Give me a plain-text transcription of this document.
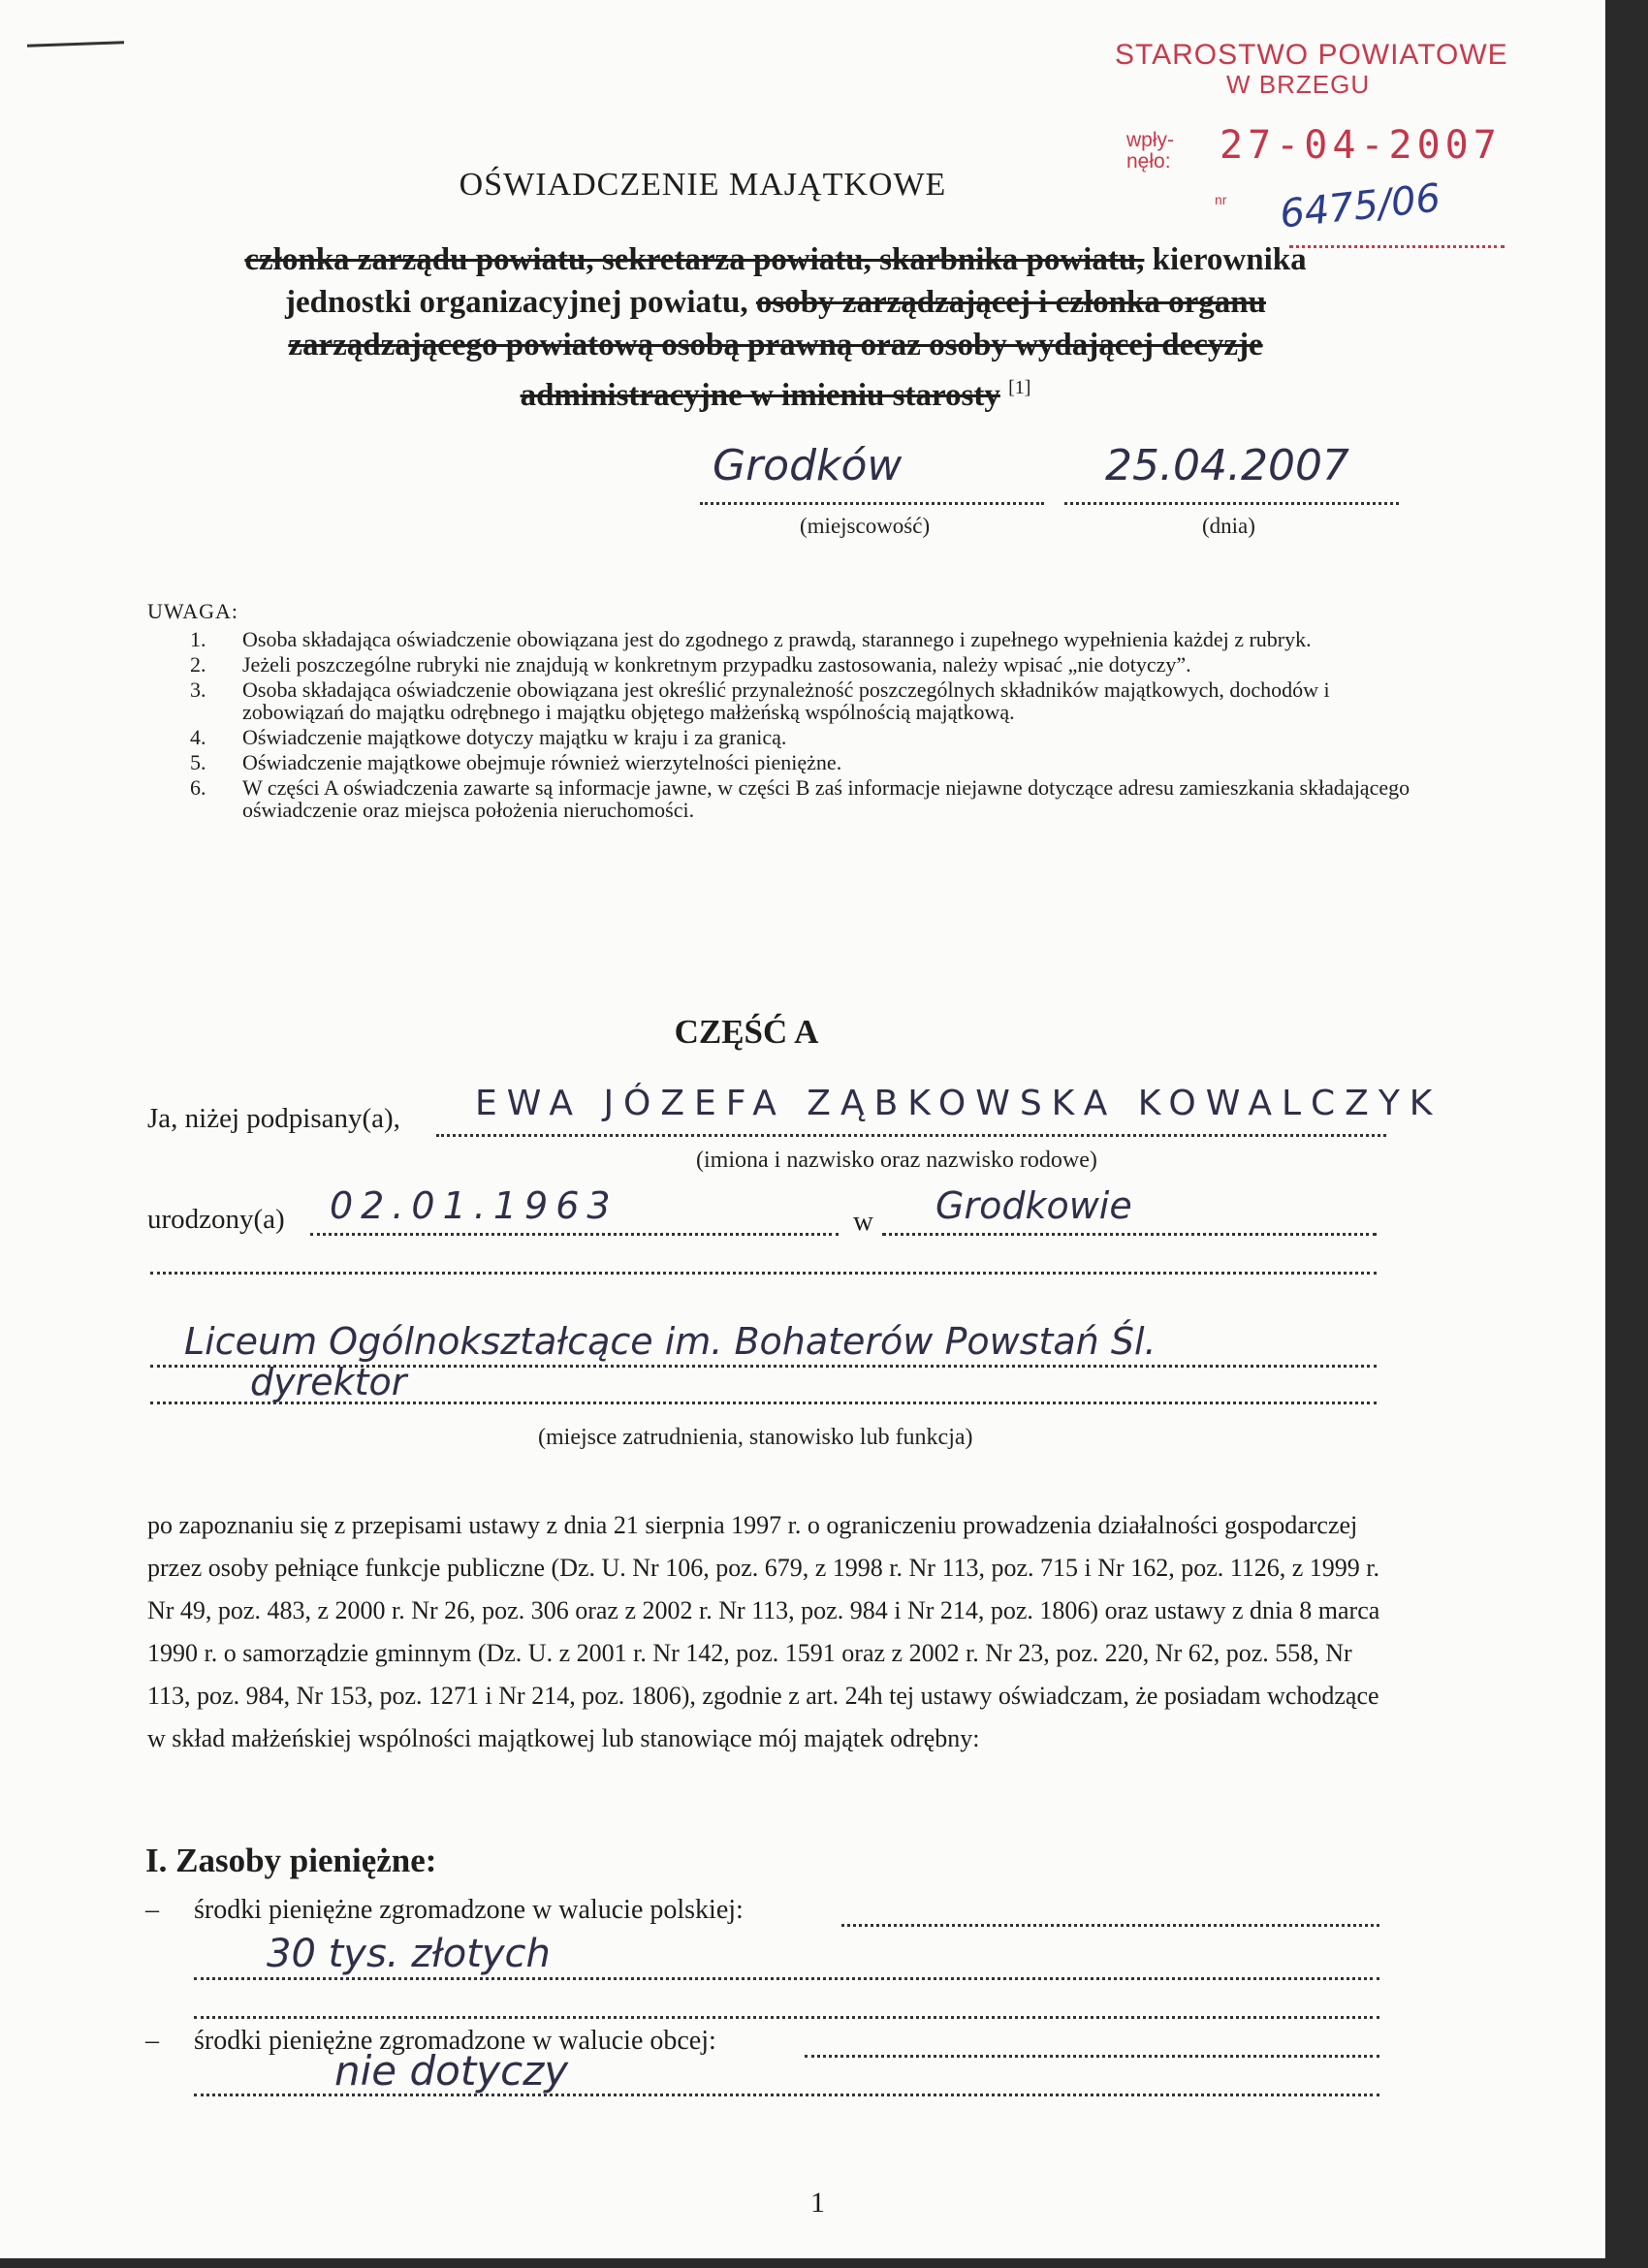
STAROSTWO POWIATOWE
W BRZEGU
wpły-
nęło: 27-04-2007
nr 6475/06
OŚWIADCZENIE MAJĄTKOWE
członka zarządu powiatu, sekretarza powiatu, skarbnika powiatu, kierownika
jednostki organizacyjnej powiatu, osoby zarządzającej i członka organu
zarządzającego powiatową osobą prawną oraz osoby wydającej decyzje
administracyjne w imieniu starosty [1]
Grodków
(miejscowość)
25.04.2007
(dnia)
UWAGA:
1. Osoba składająca oświadczenie obowiązana jest do zgodnego z prawdą, starannego i zupełnego wypełnienia każdej z rubryk.
2. Jeżeli poszczególne rubryki nie znajdują w konkretnym przypadku zastosowania, należy wpisać „nie dotyczy”.
3. Osoba składająca oświadczenie obowiązana jest określić przynależność poszczególnych składników majątkowych, dochodów i zobowiązań do majątku odrębnego i majątku objętego małżeńską wspólnością majątkową.
4. Oświadczenie majątkowe dotyczy majątku w kraju i za granicą.
5. Oświadczenie majątkowe obejmuje również wierzytelności pieniężne.
6. W części A oświadczenia zawarte są informacje jawne, w części B zaś informacje niejawne dotyczące adresu zamieszkania składającego oświadczenie oraz miejsca położenia nieruchomości.
CZĘŚĆ A
Ja, niżej podpisany(a), EWA JÓZEFA ZĄBKOWSKA KOWALCZYK
(imiona i nazwisko oraz nazwisko rodowe)
urodzony(a) 02.01.1963	w Grodkowie
Liceum Ogólnokształcące im. Bohaterów Powstań Śl.
dyrektor
(miejsce zatrudnienia, stanowisko lub funkcja)
po zapoznaniu się z przepisami ustawy z dnia 21 sierpnia 1997 r. o ograniczeniu prowadzenia działalności gospodarczej przez osoby pełniące funkcje publiczne (Dz. U. Nr 106, poz. 679, z 1998 r. Nr 113, poz. 715 i Nr 162, poz. 1126, z 1999 r. Nr 49, poz. 483, z 2000 r. Nr 26, poz. 306 oraz z 2002 r. Nr 113, poz. 984 i Nr 214, poz. 1806) oraz ustawy z dnia 8 marca 1990 r. o samorządzie gminnym (Dz. U. z 2001 r. Nr 142, poz. 1591 oraz z 2002 r. Nr 23, poz. 220, Nr 62, poz. 558, Nr 113, poz. 984, Nr 153, poz. 1271 i Nr 214, poz. 1806), zgodnie z art. 24h tej ustawy oświadczam, że posiadam wchodzące w skład małżeńskiej wspólności majątkowej lub stanowiące mój majątek odrębny:
I. Zasoby pieniężne:
– środki pieniężne zgromadzone w walucie polskiej:
30 tys. złotych
– środki pieniężne zgromadzone w walucie obcej:
nie dotyczy
1
